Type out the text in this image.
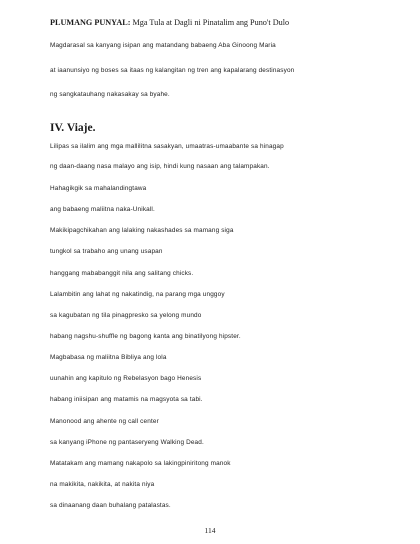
PLUMANG PUNYAL: Mga Tula at Dagli ni Pinatalim ang Puno't Dulo
Magdarasal sa kanyang isipan ang matandang babaeng Aba Ginoong Maria
at iaanunsiyo ng boses sa itaas ng kalangitan ng tren ang kapalarang destinasyon
ng sangkatauhang nakasakay sa byahe.
IV. Viaje.
Lilipas sa ilalim ang mga mallilitna sasakyan, umaatras-umaabante sa hinagap
ng daan-daang nasa malayo ang isip, hindi kung nasaan ang talampakan.
Hahagikgik sa mahalandingtawa
ang babaeng maliitna naka-Unikall.
Makikipagchikahan ang lalaking nakashades sa mamang siga
tungkol sa trabaho ang unang usapan
hanggang mababanggit nila ang salitang chicks.
Lalambitin ang lahat ng nakatindig, na parang mga unggoy
sa kagubatan ng tila pinagpresko sa yelong mundo
habang nagshu-shuffle ng bagong kanta ang binatilyong hipster.
Magbabasa ng maliitna Bibliya ang lola
uunahin ang kapitulo ng Rebelasyon bago Henesis
habang iniisipan ang matamis na magsyota sa tabi.
Manonood ang ahente ng call center
sa kanyang iPhone ng pantaseryeng Walking Dead.
Matatakam ang mamang nakapolo sa lakingpiniritong manok
na makikita, nakikita, at nakita niya
sa dinaanang daan buhalang patalastas.
114
